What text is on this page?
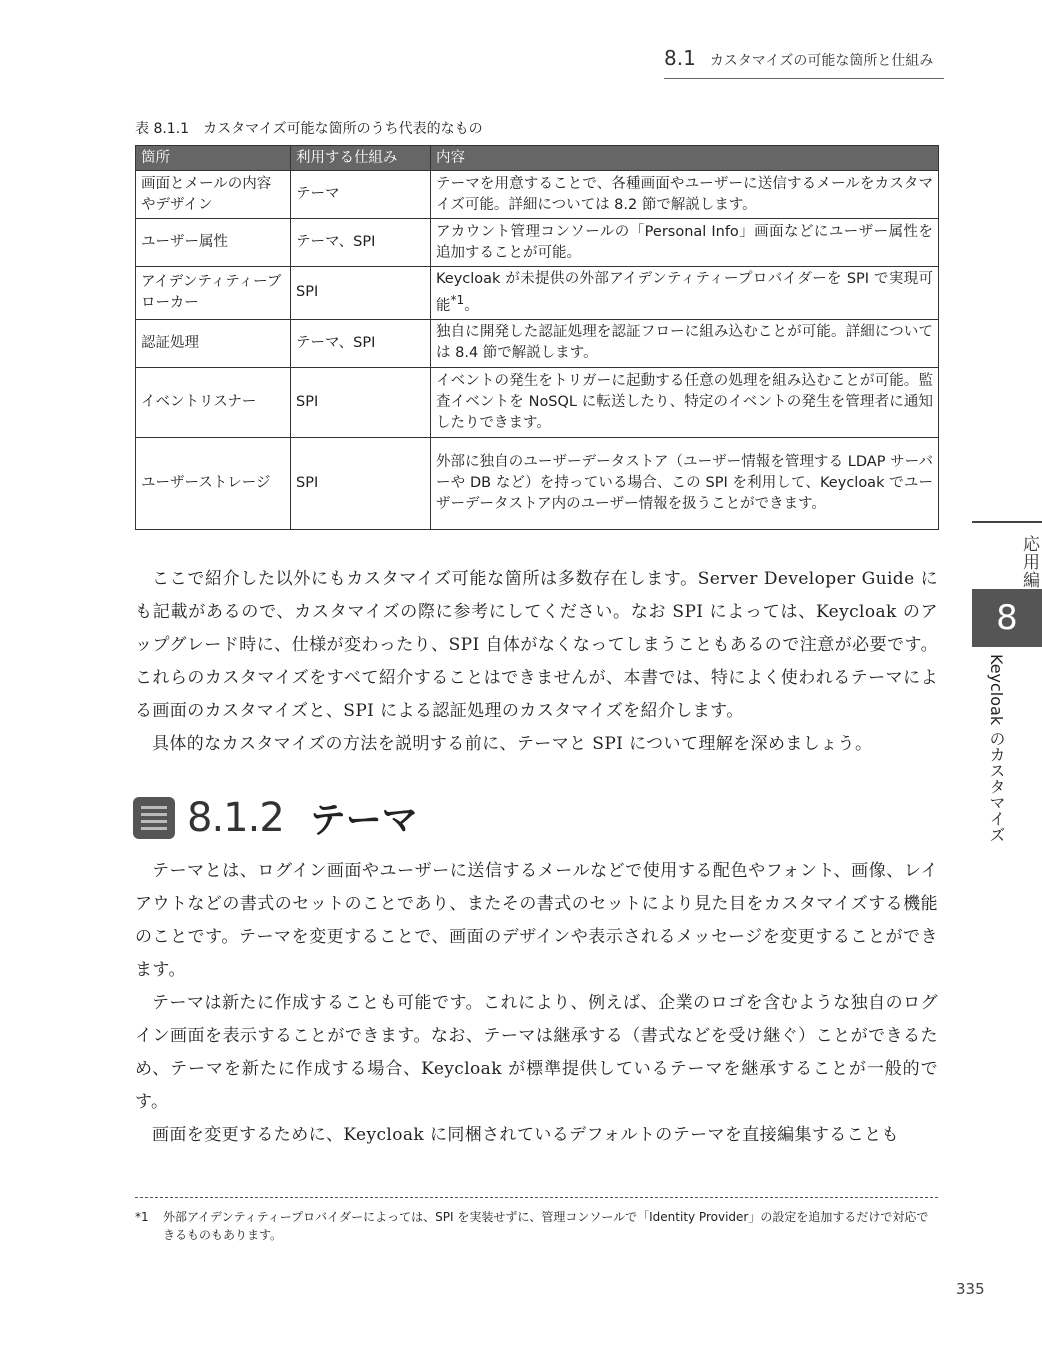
8.1 カスタマイズの可能な箇所と仕組み
表 8.1.1 カスタマイズ可能な箇所のうち代表的なもの
箇所	利用する仕組み	内容
画面とメールの内容やデザイン	テーマ	テーマを用意することで、各種画面やユーザーに送信するメールをカスタマイズ可能。詳細については 8.2 節で解説します。
ユーザー属性	テーマ、SPI	アカウント管理コンソールの「Personal Info」画面などにユーザー属性を追加することが可能。
アイデンティティーブローカー	SPI	Keycloak が未提供の外部アイデンティティープロバイダーを SPI で実現可能$^{*1}$。
認証処理	テーマ、SPI	独自に開発した認証処理を認証フローに組み込むことが可能。詳細については 8.4 節で解説します。
イベントリスナー	SPI	イベントの発生をトリガーに起動する任意の処理を組み込むことが可能。監査イベントを NoSQL に転送したり、特定のイベントの発生を管理者に通知したりできます。
ユーザーストレージ	SPI	外部に独自のユーザーデータストア（ユーザー情報を管理する LDAP サーバーや DB など）を持っている場合、この SPI を利用して、Keycloak でユーザーデータストア内のユーザー情報を扱うことができます。
応用編
8
Keycloak のカスタマイズ

ここで紹介した以外にもカスタマイズ可能な箇所は多数存在します。Server Developer Guide にも記載があるので、カスタマイズの際に参考にしてください。なお SPI によっては、Keycloak のアップグレード時に、仕様が変わったり、SPI 自体がなくなってしまうこともあるので注意が必要です。これらのカスタマイズをすべて紹介することはできませんが、本書では、特によく使われるテーマによる画面のカスタマイズと、SPI による認証処理のカスタマイズを紹介します。

具体的なカスタマイズの方法を説明する前に、テーマと SPI について理解を深めましょう。

8.1.2 テーマ

テーマとは、ログイン画面やユーザーに送信するメールなどで使用する配色やフォント、画像、レイアウトなどの書式のセットのことであり、またその書式のセットにより見た目をカスタマイズする機能のことです。テーマを変更することで、画面のデザインや表示されるメッセージを変更することができます。

テーマは新たに作成することも可能です。これにより、例えば、企業のロゴを含むような独自のログイン画面を表示することができます。なお、テーマは継承する（書式などを受け継ぐ）ことができるため、テーマを新たに作成する場合、Keycloak が標準提供しているテーマを継承することが一般的です。

画面を変更するために、Keycloak に同梱されているデフォルトのテーマを直接編集することも

*1	外部アイデンティティープロバイダーによっては、SPI を実装せずに、管理コンソールで「Identity Provider」の設定を追加するだけで対応できるものもあります。
335
